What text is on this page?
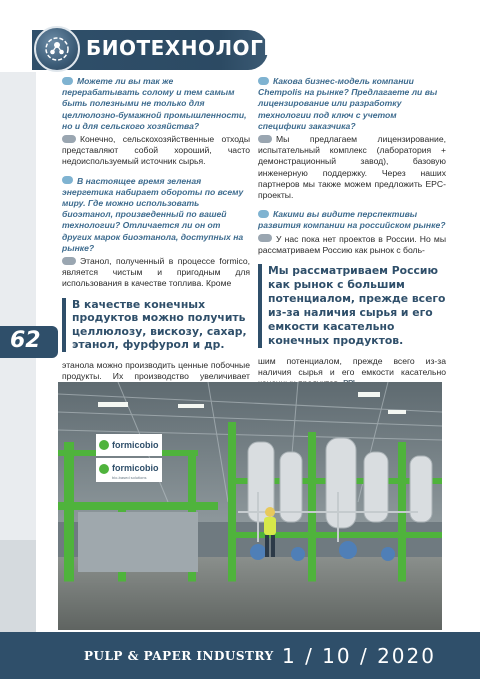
БИОТЕХНОЛОГИИ
Можете ли вы так же перерабатывать солому и тем самым быть полезными не только для целлюлозно-бумажной промышленности, но и для сельского хозяйства?
Конечно, сельскохозяйственные отходы представляют собой хороший, часто недоиспользуемый источник сырья.
В настоящее время зеленая энергетика набирает обороты по всему миру. Где можно использовать биоэтанол, произведенный по вашей технологии? Отличается ли он от других марок биоэтанола, доступных на рынке?
Этанол, полученный в процессе formico, является чистым и пригодным для использования в качестве топлива. Кроме
В качестве конечных продуктов можно получить целлюлозу, вискозу, сахар, этанол, фурфурол и др.
этанола можно производить ценные побочные продукты. Их производство увеличивает
Какова бизнес-модель компании Chempolis на рынке? Предлагаете ли вы лицензирование или разработку технологии под ключ с учетом специфики заказчика?
Мы предлагаем лицензирование, испытательный комплекс (лаборатория + демонстрационный завод), базовую инженерную поддержку. Через наших партнеров мы также можем предложить EPC-проекты.
Какими вы видите перспективы развития компании на российском рынке?
У нас пока нет проектов в России. Но мы рассматриваем Россию как рынок с боль-
Мы рассматриваем Россию как рынок с большим потенциалом, прежде всего из-за наличия сырья и его емкости касательно конечных продуктов.
шим потенциалом, прежде всего из-за наличия сырья и его емкости касательно
62
formicobio
formicobio
bio-based solutions
PULP & PAPER INDUSTRY 1 / 10 / 2020
